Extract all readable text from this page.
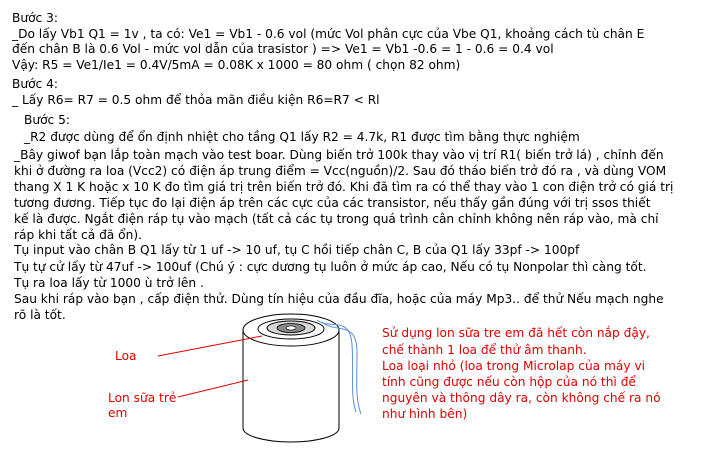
Bước 3:
_Do lấy Vb1 Q1 = 1v , ta có: Ve1 = Vb1 - 0.6 vol (mức Vol phân cực của Vbe Q1, khoảng cách tù chân E
đến chân B là 0.6 Vol - mức vol dẫn của trasistor ) => Ve1 = Vb1 -0.6 = 1 - 0.6 = 0.4 vol
Vậy: R5 = Ve1/Ie1 = 0.4V/5mA = 0.08K x 1000 = 80 ohm ( chọn 82 ohm)
Bước 4:
_ Lấy R6= R7 = 0.5 ohm để thỏa mãn điều kiện R6=R7 < Rl
Bước 5:
_R2 được dùng để ổn định nhiệt cho tầng Q1 lấy R2 = 4.7k, R1 được tìm bằng thực nghiệm
_Bây giwof bạn lắp toàn mạch vào test boar. Dùng biến trở 100k thay vào vị trí R1( biến trở lá) , chỉnh đến
khi ở đường ra loa (Vcc2) có điện áp trung điểm = Vcc(nguồn)/2. Sau đó tháo biến trở đó ra , và dùng VOM
thang X 1 K hoặc x 10 K đo tìm giá trị trên biến trở đó. Khi đã tìm ra có thể thay vào 1 con điện trở có giá trị
tương đương. Tiếp tục đo lại điện áp trên các cực của các transistor, nếu thấy gần đúng với trị ssos thiết
kế là được. Ngắt điện ráp tụ vào mạch (tất cả các tụ trong quá trình cân chỉnh không nên ráp vào, mà chỉ
ráp khi tất cả đã ổn).
Tụ input vào chân B Q1 lấy từ 1 uf -> 10 uf, tụ C hồi tiếp chân C, B của Q1 lấy 33pf -> 100pf
Tụ tự cử lấy từ 47uf -> 100uf (Chú ý : cực dương tụ luôn ở mức áp cao, Nếu có tụ Nonpolar thì càng tốt.
Tụ ra loa lấy từ 1000 ù trở lên .
Sau khi ráp vào bạn , cấp điện thử. Dùng tín hiệu của đầu đĩa, hoặc của máy Mp3.. để thử Nếu mạch nghe
rõ là tốt.
Loa
Lon sữa trẻ
em
Sử dụng lon sữa tre em đã hết còn nắp đậy,
chế thành 1 loa để thử âm thanh.
Loa loại nhỏ (loa trong Microlap của máy vi
tính cũng được nếu còn hộp của nó thì để
nguyên và thông dây ra, còn không chế ra nó
như hình bên)
